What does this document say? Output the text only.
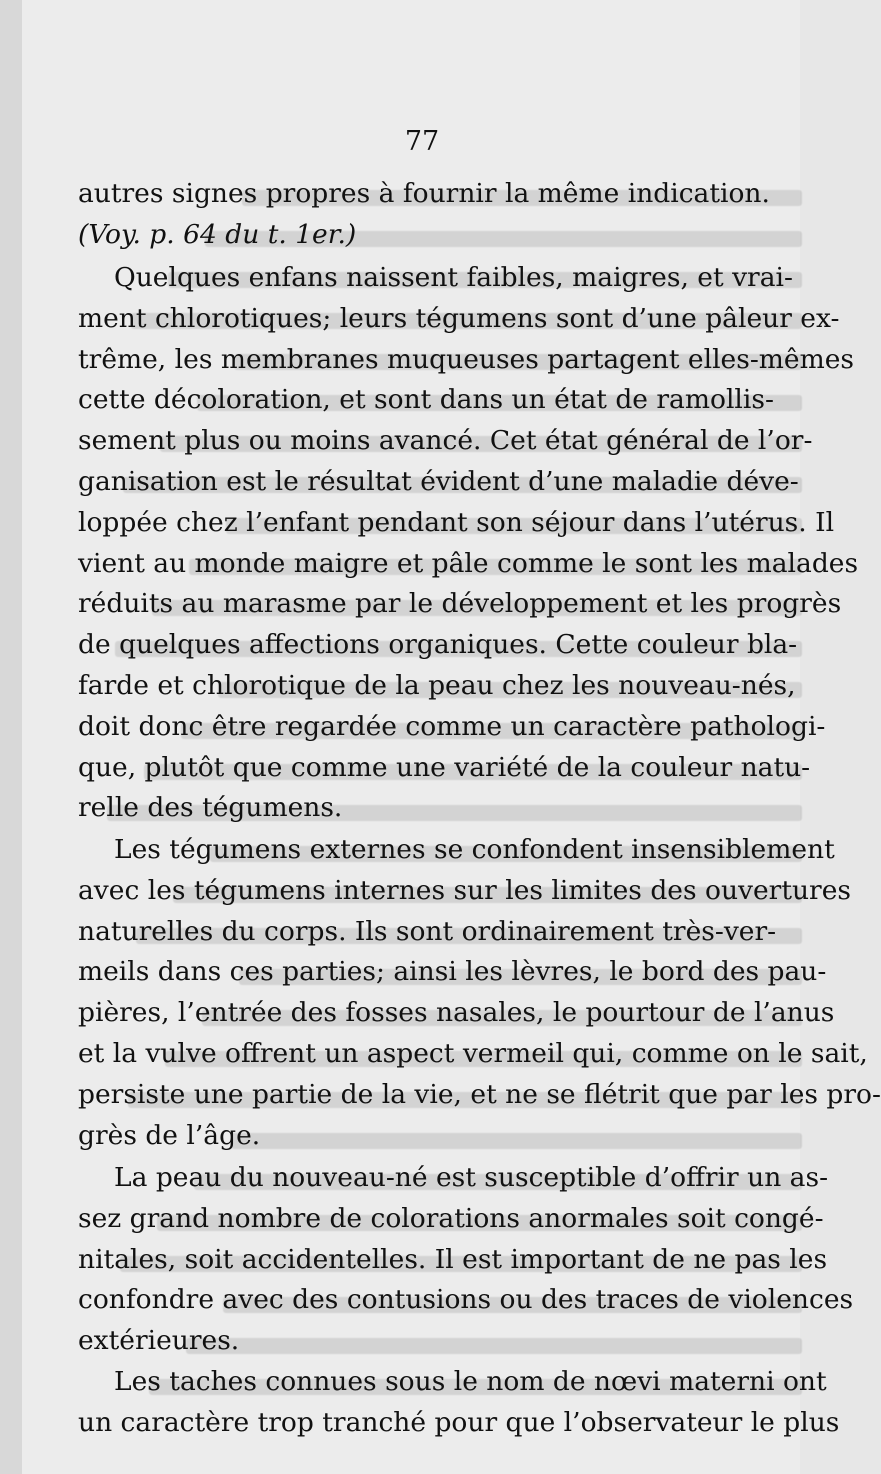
77
autres signes propres à fournir la même indication.
(Voy. p. 64 du t. 1er.)
Quelques enfans naissent faibles, maigres, et vrai-
ment chlorotiques; leurs tégumens sont d’une pâleur ex-
trême, les membranes muqueuses partagent elles-mêmes
cette décoloration, et sont dans un état de ramollis-
sement plus ou moins avancé. Cet état général de l’or-
ganisation est le résultat évident d’une maladie déve-
loppée chez l’enfant pendant son séjour dans l’utérus. Il
vient au monde maigre et pâle comme le sont les malades
réduits au marasme par le développement et les progrès
de quelques affections organiques. Cette couleur bla-
farde et chlorotique de la peau chez les nouveau-nés,
doit donc être regardée comme un caractère pathologi-
que, plutôt que comme une variété de la couleur natu-
relle des tégumens.
Les tégumens externes se confondent insensiblement
avec les tégumens internes sur les limites des ouvertures
naturelles du corps. Ils sont ordinairement très-ver-
meils dans ces parties; ainsi les lèvres, le bord des pau-
pières, l’entrée des fosses nasales, le pourtour de l’anus
et la vulve offrent un aspect vermeil qui, comme on le sait,
persiste une partie de la vie, et ne se flétrit que par les pro-
grès de l’âge.
La peau du nouveau-né est susceptible d’offrir un as-
sez grand nombre de colorations anormales soit congé-
nitales, soit accidentelles. Il est important de ne pas les
confondre avec des contusions ou des traces de violences
extérieures.
Les taches connues sous le nom de nœvi materni ont
un caractère trop tranché pour que l’observateur le plus
